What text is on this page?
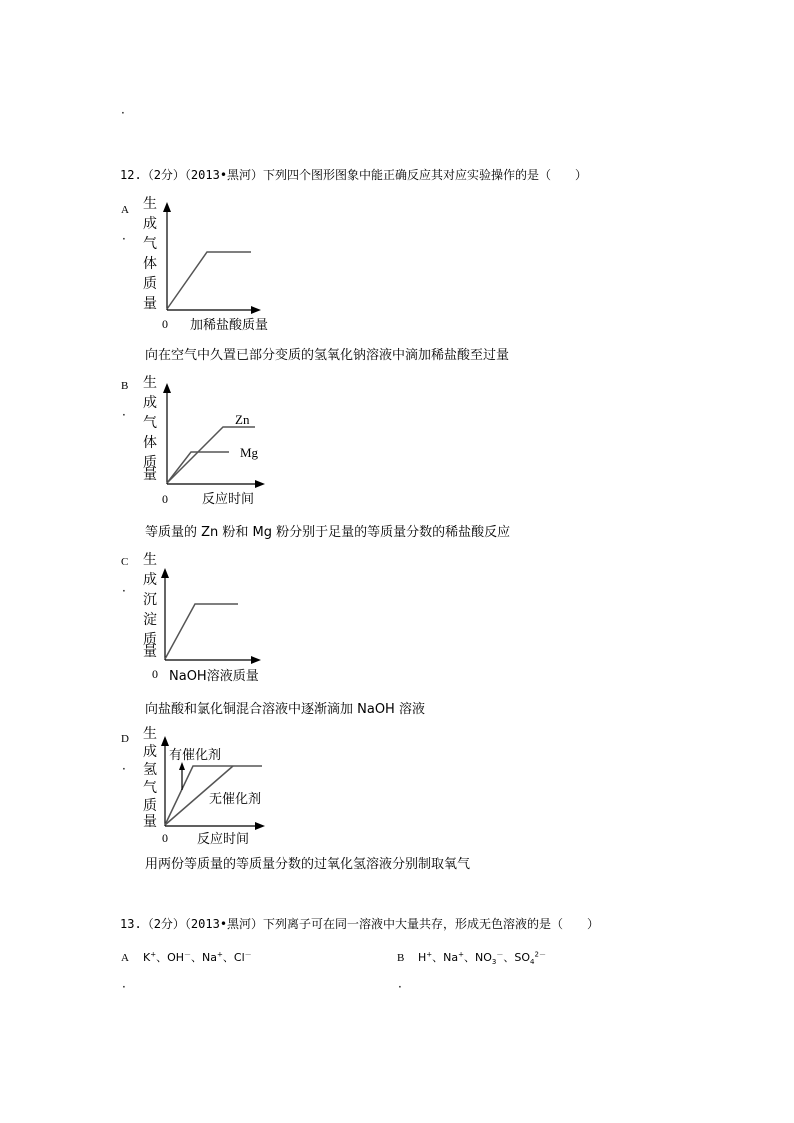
·
12.（2分）（2013•黑河）下列四个图形图象中能正确反应其对应实验操作的是（　　）
A
·
生
成
气
体
质
量
0 加稀盐酸质量
向在空气中久置已部分变质的氢氧化钠溶液中滴加稀盐酸至过量
B
·
生
成
气
体
质
量
Zn
Mg
0	反应时间
等质量的 Zn 粉和 Mg 粉分别于足量的等质量分数的稀盐酸反应
C
·
生
成
沉
淀
质
量
0 NaOH溶液质量
向盐酸和氯化铜混合溶液中逐渐滴加 NaOH 溶液
D
·
生
成
氢
气
质
量
有催化剂
无催化剂
0 反应时间
用两份等质量的等质量分数的过氧化氢溶液分别制取氧气
13.（2分）（2013•黑河）下列离子可在同一溶液中大量共存，形成无色溶液的是（　　）
A
·
K+、OH－、Na+、Cl－	B
·
H+、Na+、$NO_3^-$、$SO_4^{2-}$
